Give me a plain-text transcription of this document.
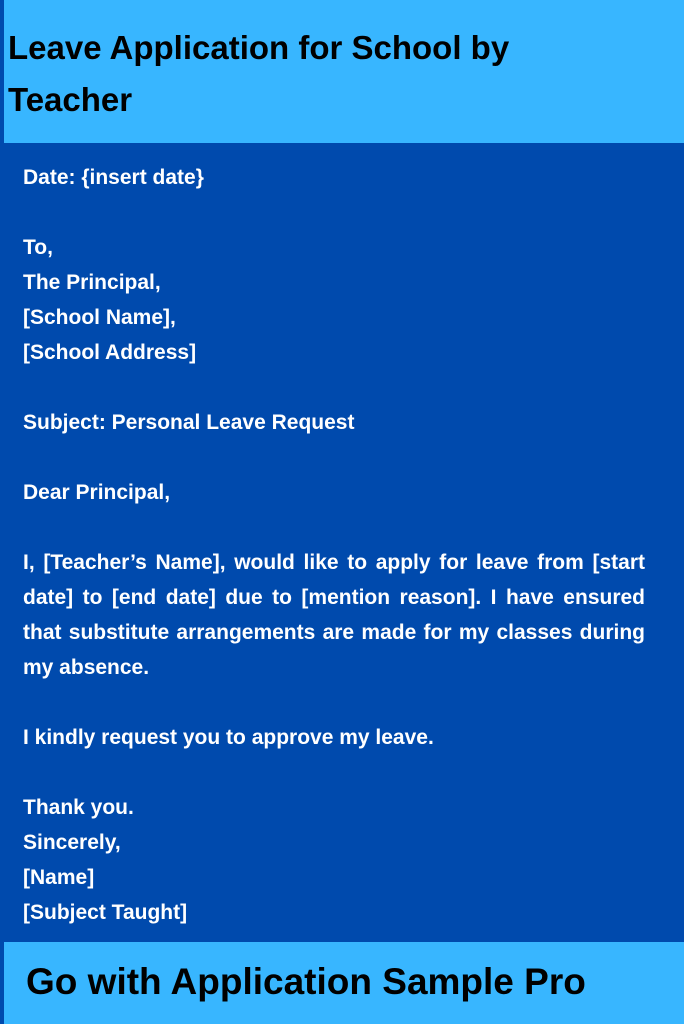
Leave Application for School by Teacher
Date: {insert date}
To,
The Principal,
[School Name],
[School Address]
Subject: Personal Leave Request
Dear Principal,

I, [Teacher’s Name], would like to apply for leave from [start date] to [end date] due to [mention reason]. I have ensured that substitute arrangements are made for my classes during my absence.

I kindly request you to approve my leave.
Thank you.
Sincerely,
[Name]
[Subject Taught]

Go with Application Sample Pro
